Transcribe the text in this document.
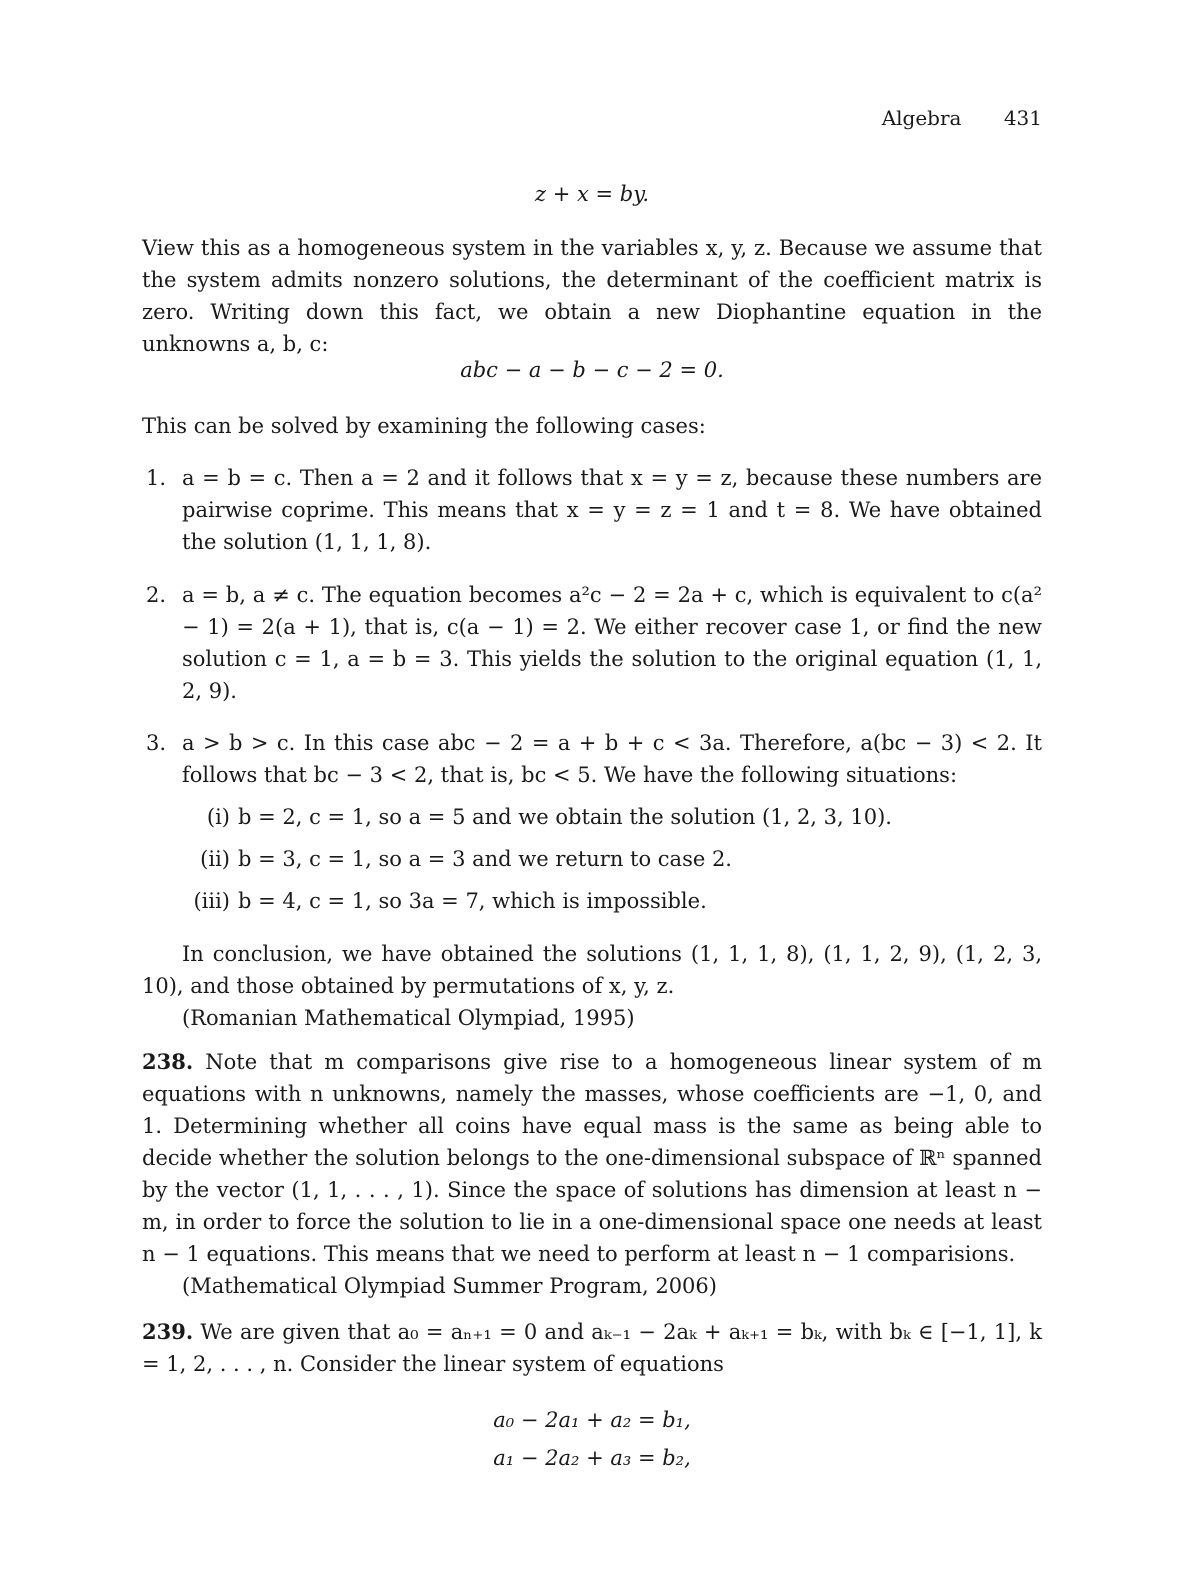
Algebra 431

z + x = by.

View this as a homogeneous system in the variables x, y, z. Because we assume that the system admits nonzero solutions, the determinant of the coefficient matrix is zero. Writing down this fact, we obtain a new Diophantine equation in the unknowns a, b, c:

abc − a − b − c − 2 = 0.

This can be solved by examining the following cases:

1. a = b = c. Then a = 2 and it follows that x = y = z, because these numbers are pairwise coprime. This means that x = y = z = 1 and t = 8. We have obtained the solution (1, 1, 1, 8).
2. a = b, a ≠ c. The equation becomes a²c − 2 = 2a + c, which is equivalent to c(a² − 1) = 2(a + 1), that is, c(a − 1) = 2. We either recover case 1, or find the new solution c = 1, a = b = 3. This yields the solution to the original equation (1, 1, 2, 9).
3. a > b > c. In this case abc − 2 = a + b + c < 3a. Therefore, a(bc − 3) < 2. It follows that bc − 3 < 2, that is, bc < 5. We have the following situations:
(i) b = 2, c = 1, so a = 5 and we obtain the solution (1, 2, 3, 10).
(ii) b = 3, c = 1, so a = 3 and we return to case 2.
(iii) b = 4, c = 1, so 3a = 7, which is impossible.

In conclusion, we have obtained the solutions (1, 1, 1, 8), (1, 1, 2, 9), (1, 2, 3, 10), and those obtained by permutations of x, y, z.

(Romanian Mathematical Olympiad, 1995)

238. Note that m comparisons give rise to a homogeneous linear system of m equations with n unknowns, namely the masses, whose coefficients are −1, 0, and 1. Determining whether all coins have equal mass is the same as being able to decide whether the solution belongs to the one-dimensional subspace of ℝⁿ spanned by the vector (1, 1, . . . , 1). Since the space of solutions has dimension at least n − m, in order to force the solution to lie in a one-dimensional space one needs at least n − 1 equations. This means that we need to perform at least n − 1 comparisions.

(Mathematical Olympiad Summer Program, 2006)

239. We are given that a₀ = aₙ₊₁ = 0 and aₖ₋₁ − 2aₖ + aₖ₊₁ = bₖ, with bₖ ∈ [−1, 1], k = 1, 2, . . . , n. Consider the linear system of equations

a₀ − 2a₁ + a₂ = b₁,

a₁ − 2a₂ + a₃ = b₂,
